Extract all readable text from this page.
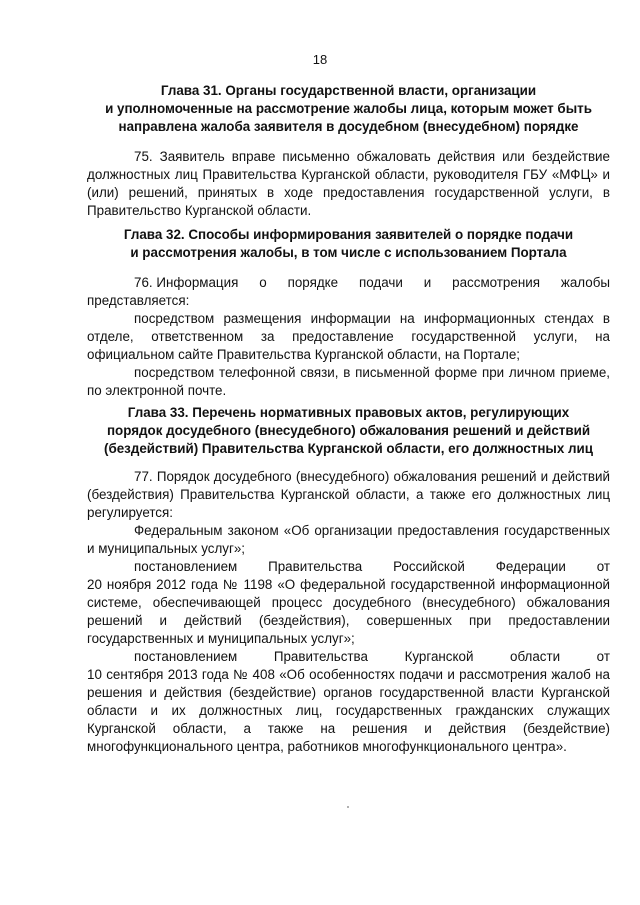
18
Глава 31. Органы государственной власти, организации
и уполномоченные на рассмотрение жалобы лица, которым может быть
направлена жалоба заявителя в досудебном (внесудебном) порядке

75. Заявитель вправе письменно обжаловать действия или бездействие должностных лиц Правительства Курганской области, руководителя ГБУ «МФЦ» и (или) решений, принятых в ходе предоставления государственной услуги, в Правительство Курганской области.

Глава 32. Способы информирования заявителей о порядке подачи
и рассмотрения жалобы, в том числе с использованием Портала
76. Информация о порядке подачи и рассмотрения жалобы

представляется:

посредством размещения информации на информационных стендах в отделе, ответственном за предоставление государственной услуги, на официальном сайте Правительства Курганской области, на Портале;

посредством телефонной связи, в письменной форме при личном приеме, по электронной почте.

Глава 33. Перечень нормативных правовых актов, регулирующих
порядок досудебного (внесудебного) обжалования решений и действий
(бездействий) Правительства Курганской области, его должностных лиц

77. Порядок досудебного (внесудебного) обжалования решений и действий (бездействия) Правительства Курганской области, а также его должностных лиц регулируется:

Федеральным законом «Об организации предоставления государственных и муниципальных услуг»;

постановлением Правительства Российской Федерации от

20 ноября 2012 года № 1198 «О федеральной государственной информационной системе, обеспечивающей процесс досудебного (внесудебного) обжалования решений и действий (бездействия), совершенных при предоставлении государственных и муниципальных услуг»;

постановлением	Правительства	Курганской	области	от

10 сентября 2013 года № 408 «Об особенностях подачи и рассмотрения жалоб на решения и действия (бездействие) органов государственной власти Курганской области и их должностных лиц, государственных гражданских служащих Курганской области, а также на решения и действия (бездействие) многофункционального центра, работников многофункционального центра».
